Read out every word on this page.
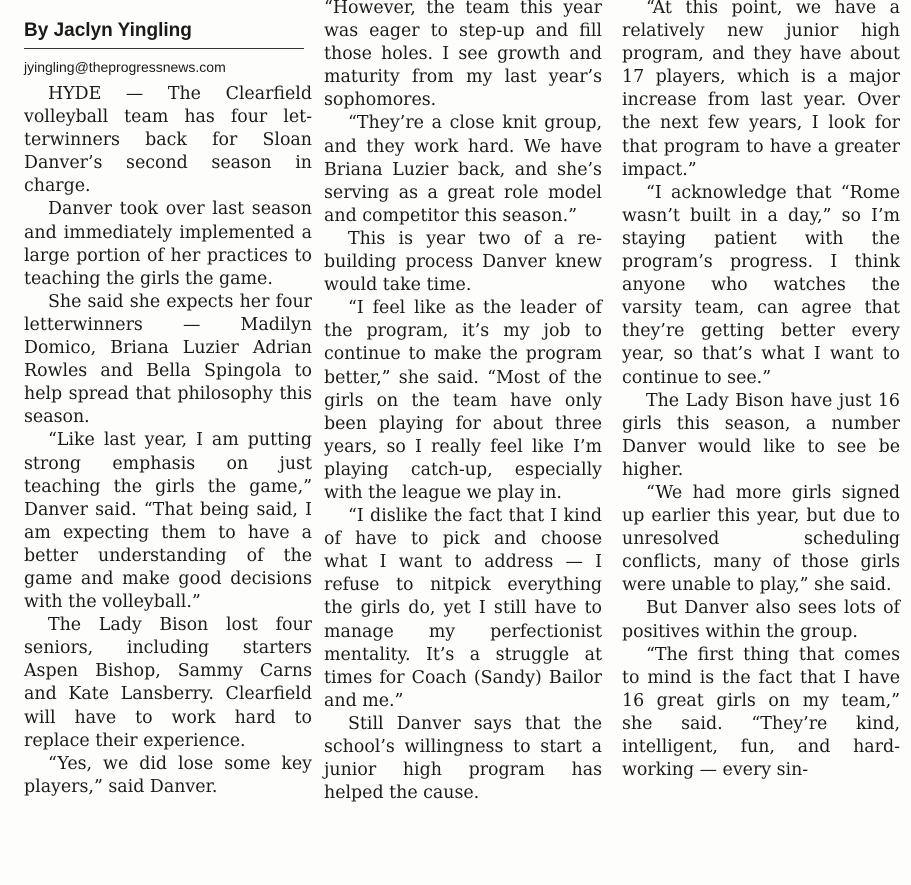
By Jaclyn Yingling
jyingling@theprogressnews.com

HYDE — The Clearfield volleyball team has four letterwinners back for Sloan Danver’s second season in charge.

Danver took over last season and immediately implemented a large portion of her practices to teaching the girls the game.

She said she expects her four letterwinners — Madilyn Domico, Briana Luzier Adrian Rowles and Bella Spingola to help spread that philosophy this season.

“Like last year, I am putting strong emphasis on just teaching the girls the game,” Danver said. “That being said, I am expecting them to have a better understanding of the game and make good decisions with the volleyball.”

The Lady Bison lost four seniors, including starters Aspen Bishop, Sammy Carns and Kate Lansberry. Clearfield will have to work hard to replace their experience.

“Yes, we did lose some key players,” said Danver.

“However, the team this year was eager to step-up and fill those holes. I see growth and maturity from my last year’s sophomores.

“They’re a close knit group, and they work hard. We have Briana Luzier back, and she’s serving as a great role model and competitor this season.”

This is year two of a rebuilding process Danver knew would take time.

“I feel like as the leader of the program, it’s my job to continue to make the program better,” she said. “Most of the girls on the team have only been playing for about three years, so I really feel like I’m playing catch-up, especially with the league we play in.

“I dislike the fact that I kind of have to pick and choose what I want to address — I refuse to nitpick everything the girls do, yet I still have to manage my perfectionist mentality. It’s a struggle at times for Coach (Sandy) Bailor and me.”

Still Danver says that the school’s willingness to start a junior high program has helped the cause.

“At this point, we have a relatively new junior high program, and they have about 17 players, which is a major increase from last year. Over the next few years, I look for that program to have a greater impact.”

“I acknowledge that “Rome wasn’t built in a day,” so I’m staying patient with the program’s progress. I think anyone who watches the varsity team, can agree that they’re getting better every year, so that’s what I want to continue to see.”

The Lady Bison have just 16 girls this season, a number Danver would like to see be higher.

“We had more girls signed up earlier this year, but due to unresolved scheduling conflicts, many of those girls were unable to play,” she said.

But Danver also sees lots of positives within the group.

“The first thing that comes to mind is the fact that I have 16 great girls on my team,” she said. “They’re kind, intelligent, fun, and hard-working — every sin-
